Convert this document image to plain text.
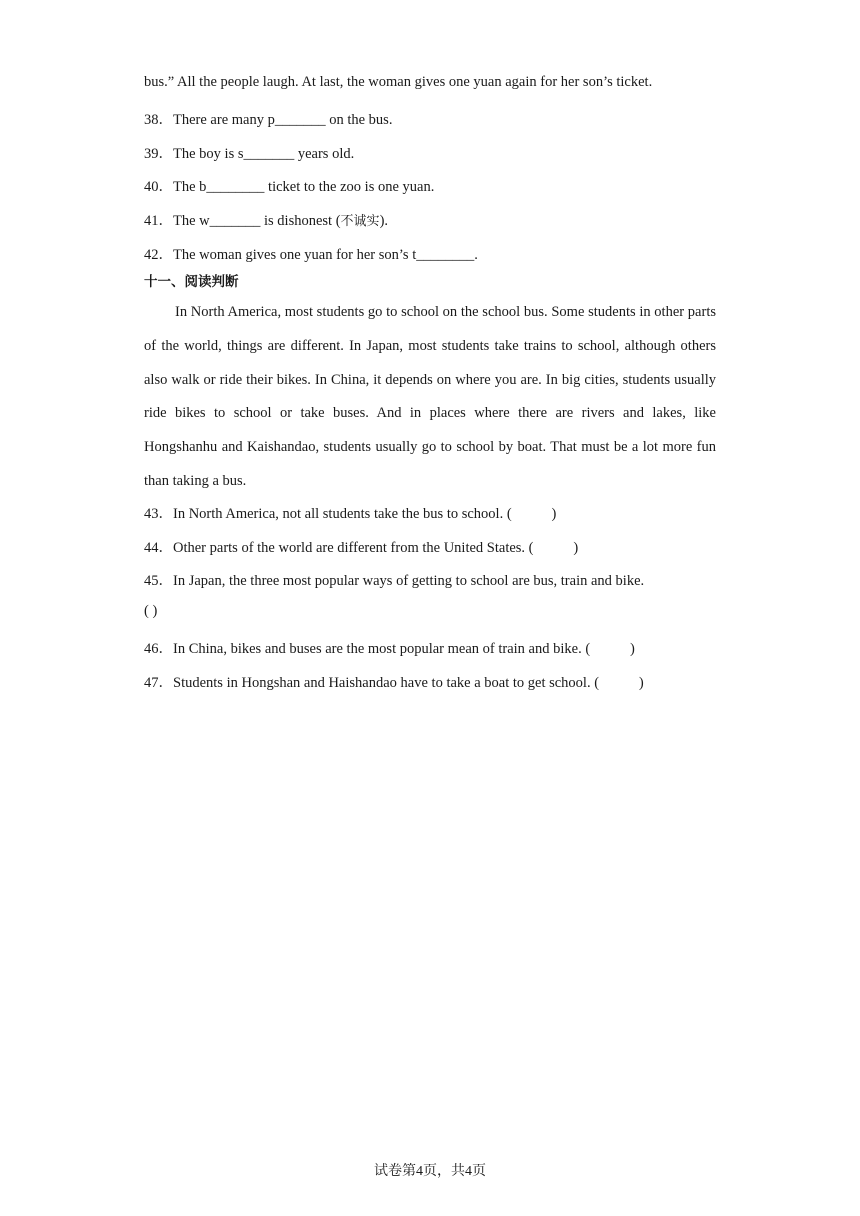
bus.” All the people laugh. At last, the woman gives one yuan again for her son’s ticket.
38．There are many p_______ on the bus.
39．The boy is s_______ years old.
40．The b________ ticket to the zoo is one yuan.
41．The w_______ is dishonest (不诚实).
42．The woman gives one yuan for her son’s t________.
十一、阅读判断

In North America, most students go to school on the school bus. Some students in other parts of the world, things are different. In Japan, most students take trains to school, although others also walk or ride their bikes. In China, it depends on where you are. In big cities, students usually ride bikes to school or take buses. And in places where there are rivers and lakes, like Hongshanhu and Kaishandao, students usually go to school by boat. That must be a lot more fun than taking a bus.

43．In North America, not all students take the bus to school. (           )
44．Other parts of the world are different from the United States. (           )
45．In Japan, the three most popular ways of getting to school are bus, train and bike.
( )
46．In China, bikes and buses are the most popular mean of train and bike. (           )
47．Students in Hongshan and Haishandao have to take a boat to get school. (           )
试卷第4页，共4页
